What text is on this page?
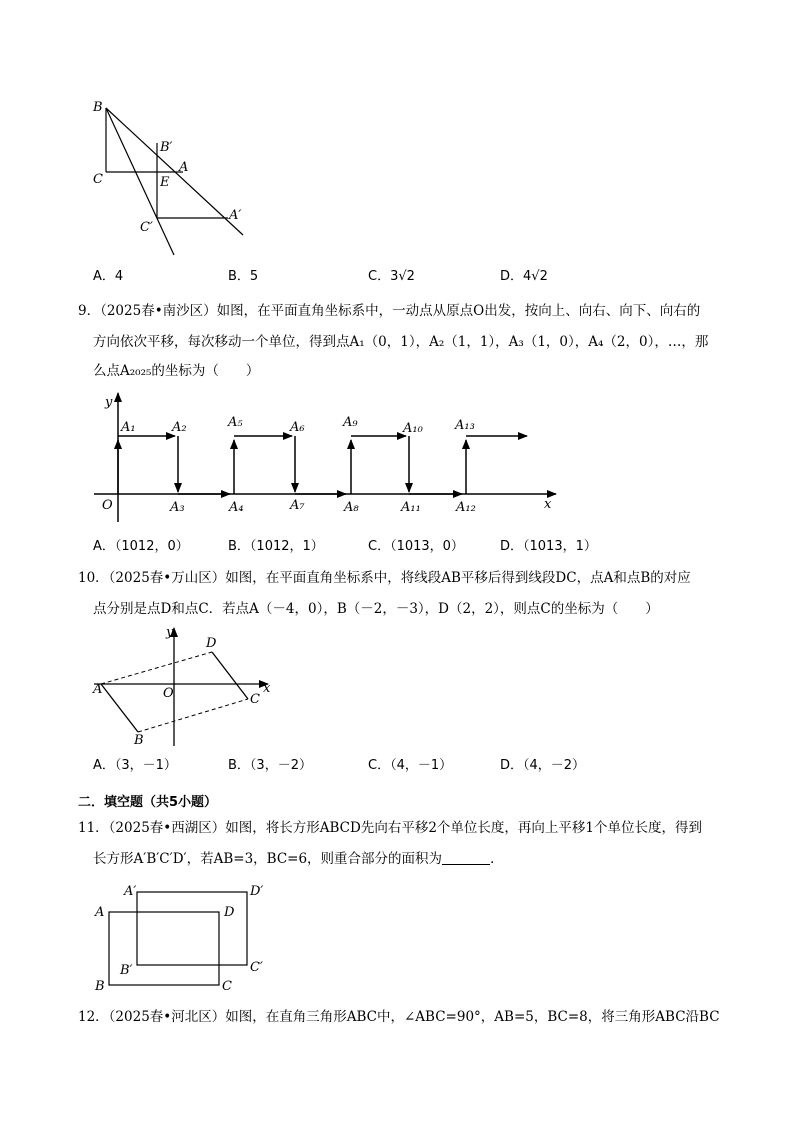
B
B′
A
C	E
C′
A′
A．4	B．5	C．3√2	D．4√2
9．（2025春•南沙区）如图，在平面直角坐标系中，一动点从原点O出发，按向上、向右、向下、向右的
方向依次平移，每次移动一个单位，得到点A₁（0，1），A₂（1，1），A₃（1，0），A₄（2，0），…，那
么点A₂₀₂₅的坐标为（　　）
y
x
O
A₁	A₂
A₃	A₄
A₅	A₆
A₇	A₈
A₉	A₁₀
A₁₁	A₁₂
A₁₃
A．（1012，0）	B．（1012，1）	C．（1013，0）	D．（1013，1）
10．（2025春•万山区）如图，在平面直角坐标系中，将线段AB平移后得到线段DC，点A和点B的对应
点分别是点D和点C．若点A（－4，0），B（－2，－3），D（2，2），则点C的坐标为（　　）
y
x
O
A
B
C
D
A．（3，－1）	B．（3，－2）	C．（4，－1）	D．（4，－2）
二．填空题（共5小题）
11．（2025春•西湖区）如图，将长方形ABCD先向右平移2个单位长度，再向上平移1个单位长度，得到
长方形A′B′C′D′，若AB=3，BC=6，则重合部分的面积为	．
A′	D′
A	D
B′	C′
B	C
12．（2025春•河北区）如图，在直角三角形ABC中，∠ABC=90°，AB=5，BC=8，将三角形ABC沿BC
